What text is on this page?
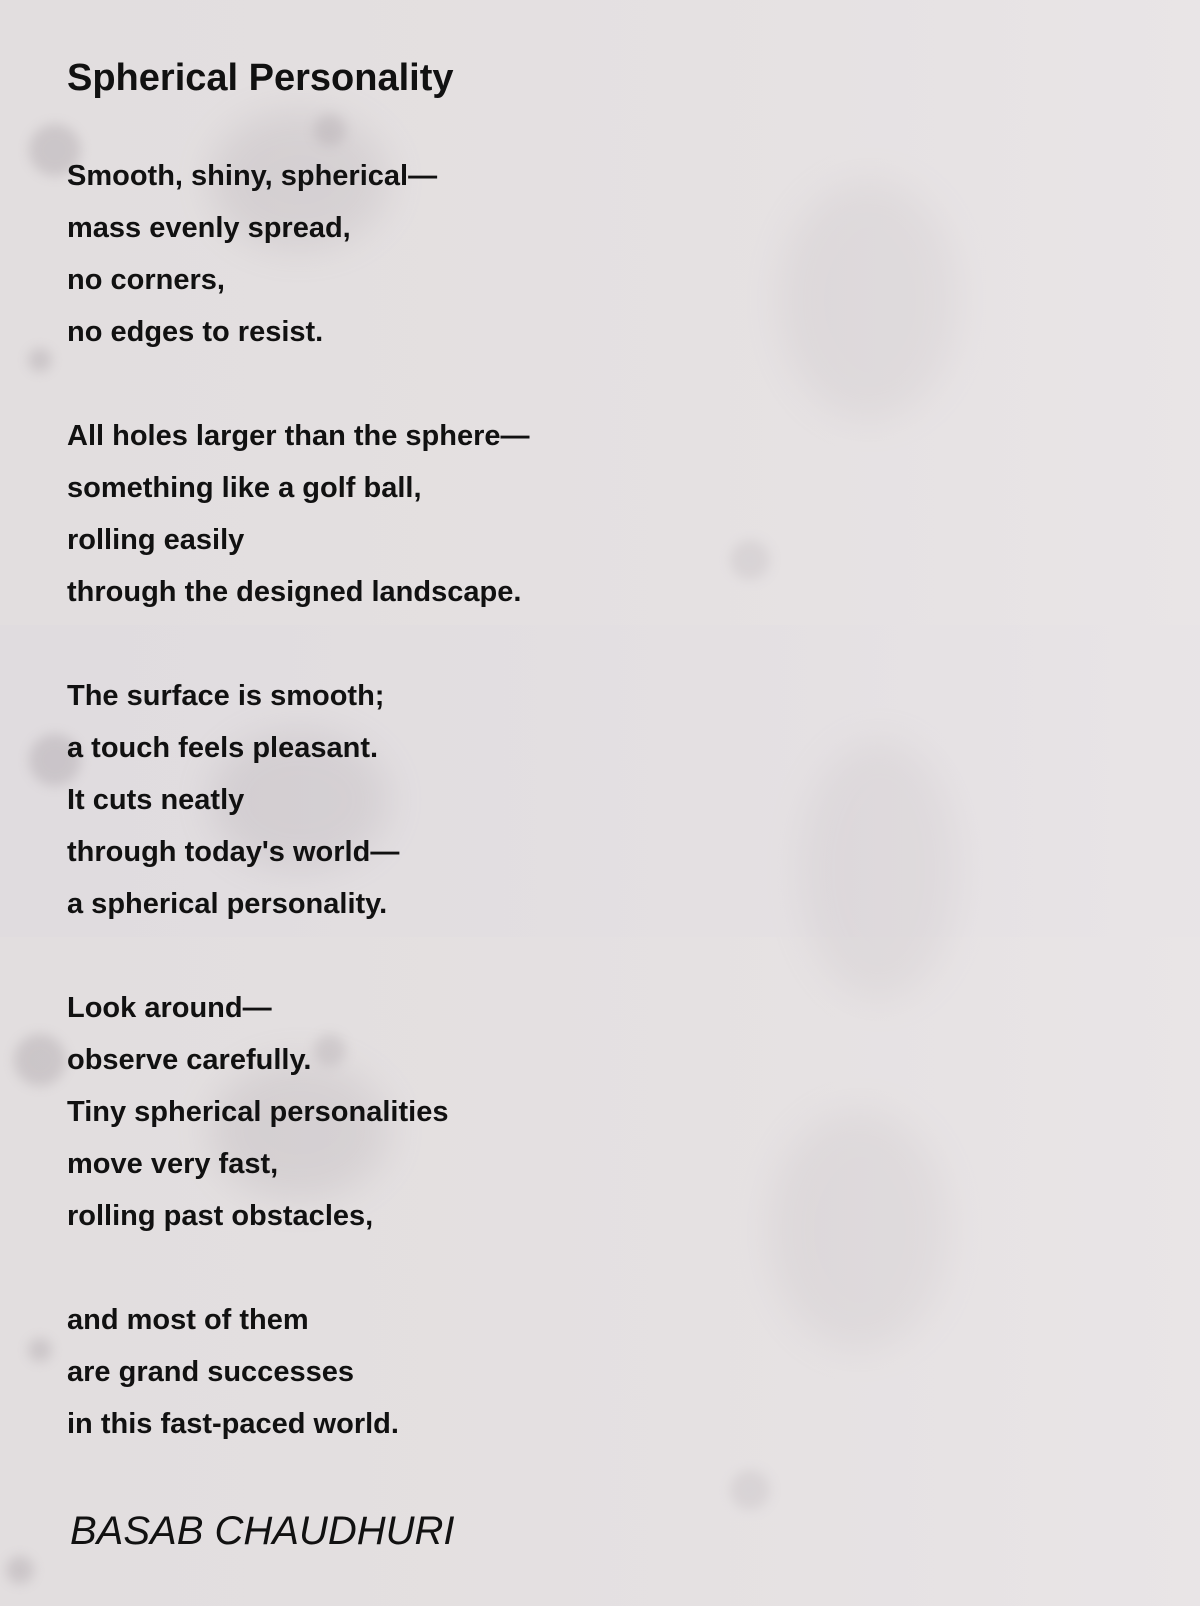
Spherical Personality
Smooth, shiny, spherical—
mass evenly spread,
no corners,
no edges to resist.
All holes larger than the sphere—
something like a golf ball,
rolling easily
through the designed landscape.
The surface is smooth;
a touch feels pleasant.
It cuts neatly
through today's world—
a spherical personality.
Look around—
observe carefully.
Tiny spherical personalities
move very fast,
rolling past obstacles,
and most of them
are grand successes
in this fast-paced world.

BASAB CHAUDHURI
